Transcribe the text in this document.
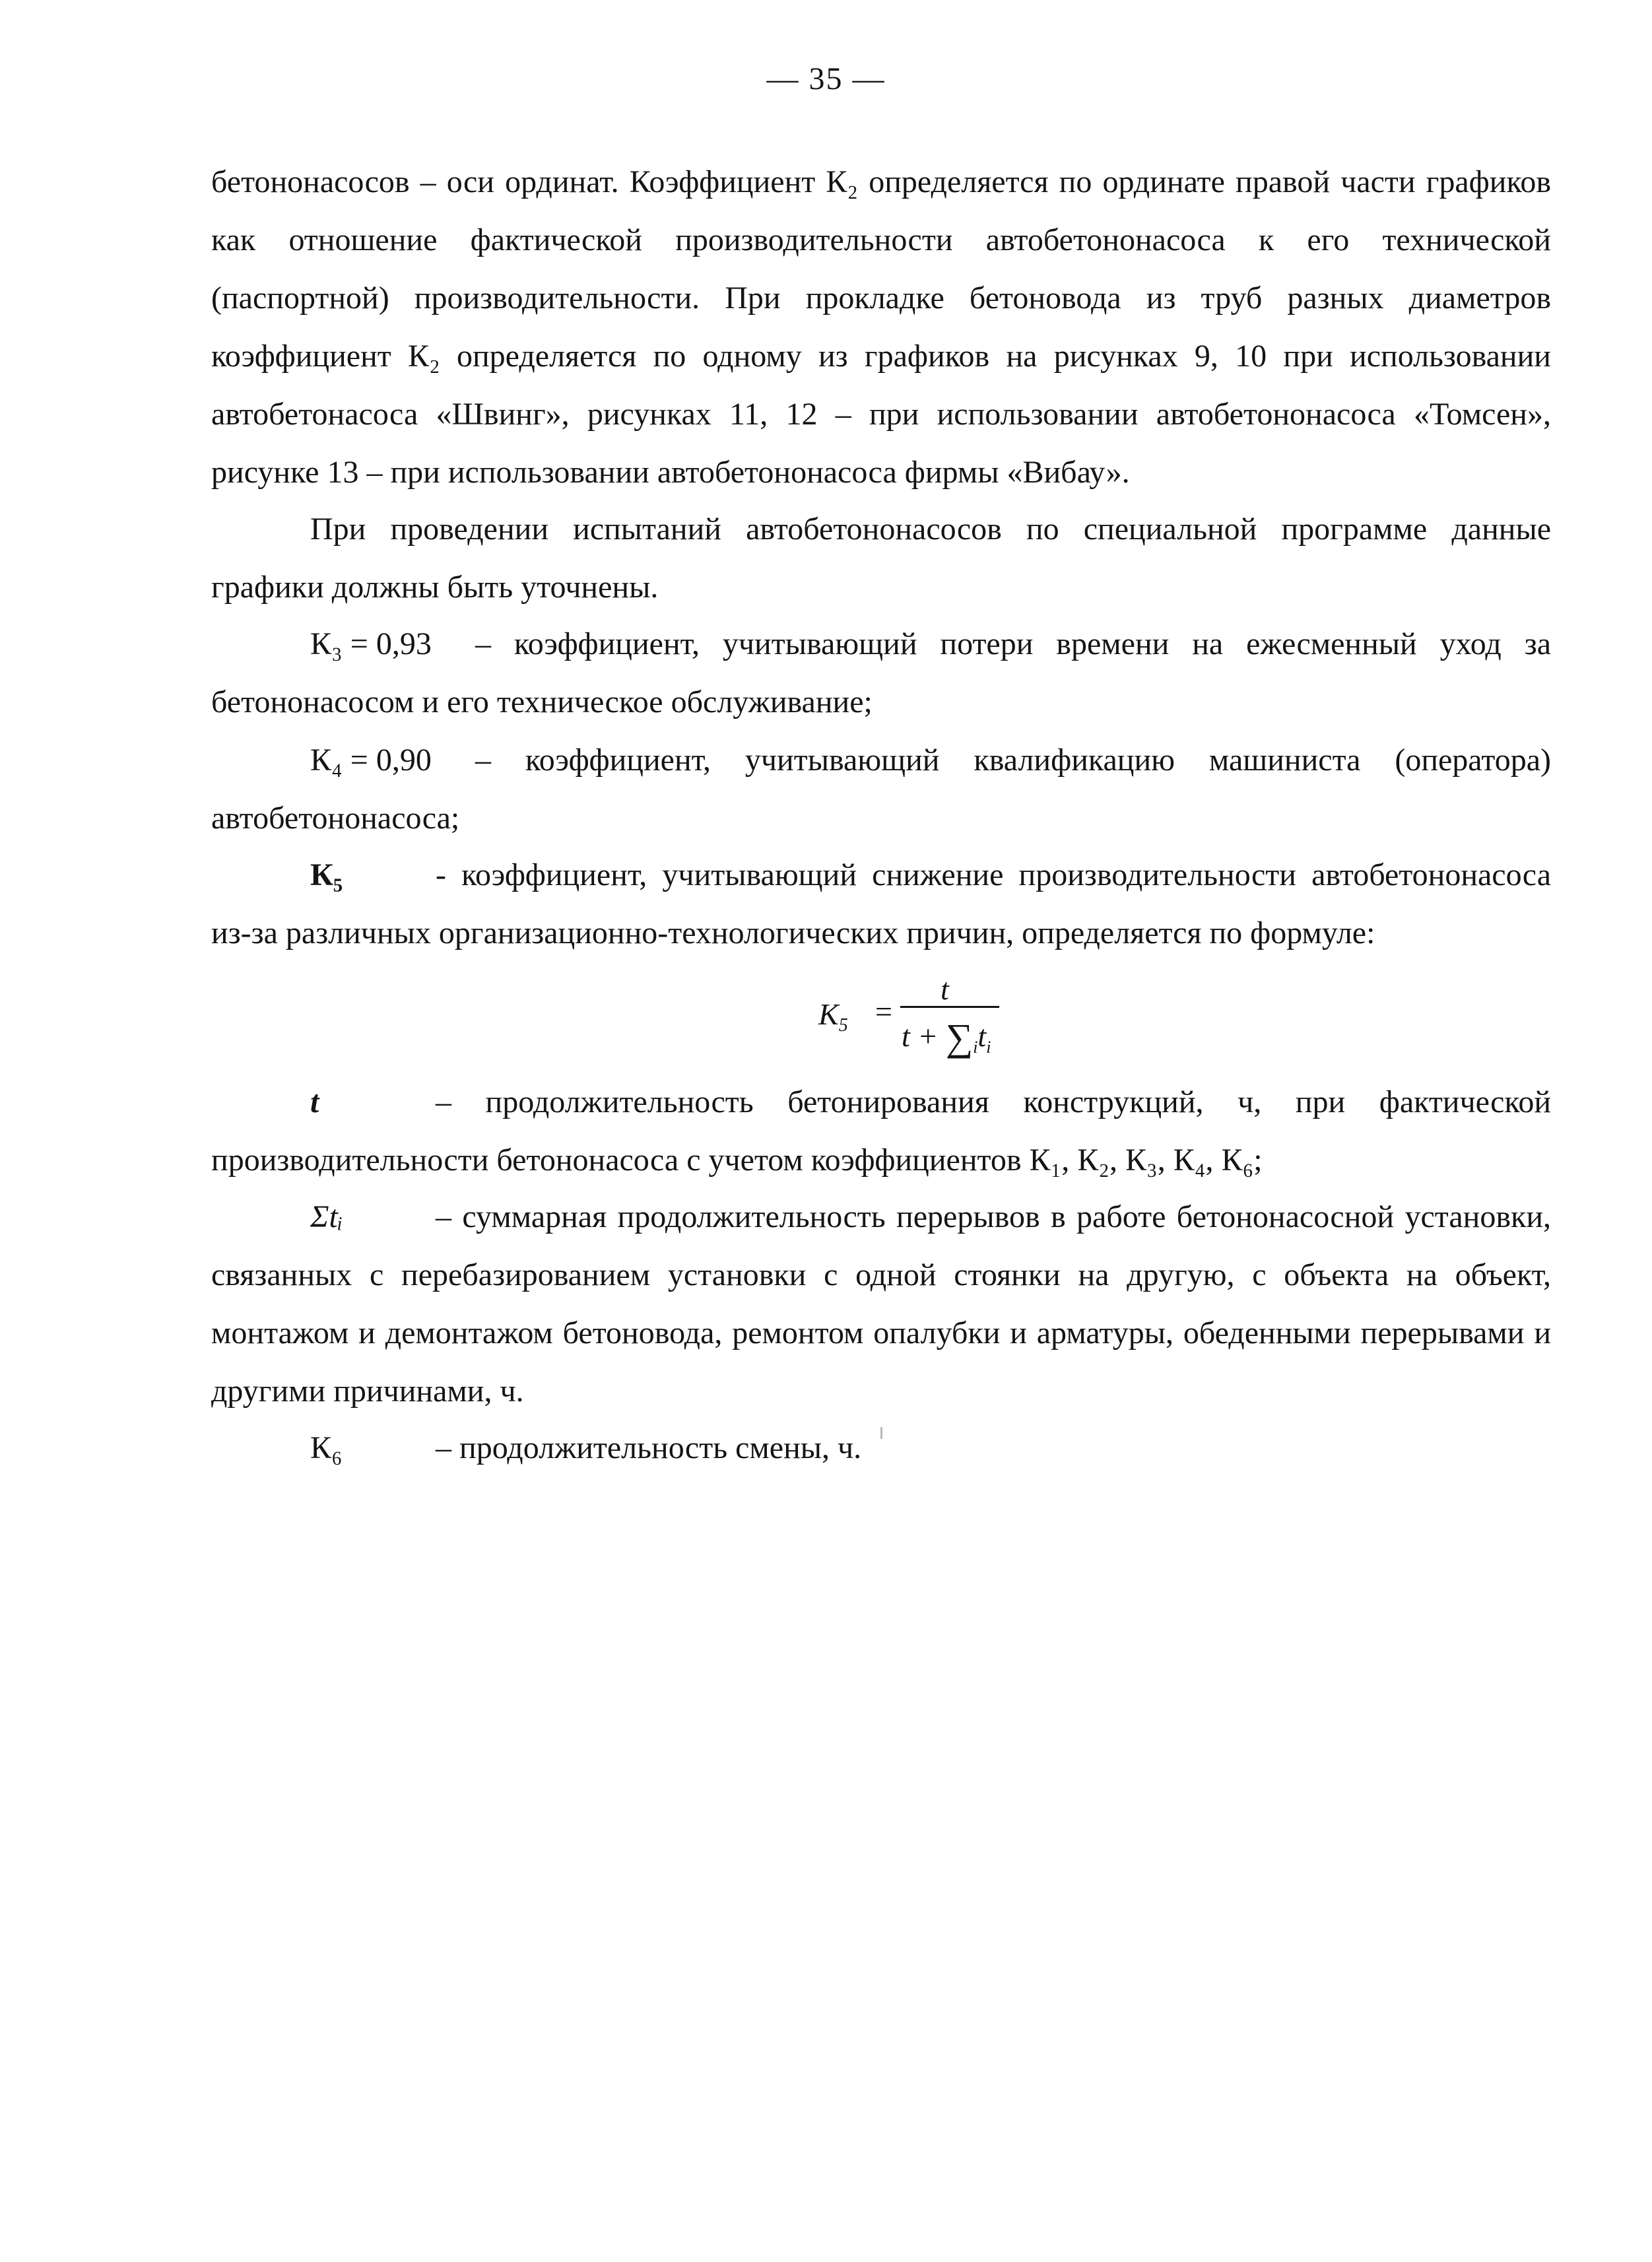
— 35 —
бетононасосов – оси ординат. Коэффициент К₂ определяется по ординате правой части графиков как отношение фактической производительности автобетононасоса к его технической (паспортной) производительности. При прокладке бетоновода из труб разных диаметров коэффициент К₂ определяется по одному из графиков на рисунках 9, 10 при использовании автобетонасоса «Швинг», рисунках 11, 12 – при использовании автобетононасоса «Томсен», рисунке 13 – при использовании автобетононасоса фирмы «Вибау».
При проведении испытаний автобетононасосов по специальной программе данные графики должны быть уточнены.
К₃ = 0,93 – коэффициент, учитывающий потери времени на ежесменный уход за бетононасосом и его техническое обслуживание;
К₄ = 0,90 – коэффициент, учитывающий квалификацию машиниста (оператора) автобетононасоса;
К₅	- коэффициент, учитывающий снижение производительности автобетононасоса из-за различных организационно-технологических причин, определяется по формуле:
$K_5$ =
t
$t + \sum_it_i$
t	– продолжительность бетонирования конструкций, ч, при фактической производительности бетононасоса с учетом коэффициентов К₁, К₂, К₃, К₄, К₆;
Σtᵢ	– суммарная продолжительность перерывов в работе бетононасосной установки, связанных с перебазированием установки с одной стоянки на другую, с объекта на объект, монтажом и демонтажом бетоновода, ремонтом опалубки и арматуры, обеденными перерывами и другими причинами, ч.
К₆	– продолжительность смены, ч.
